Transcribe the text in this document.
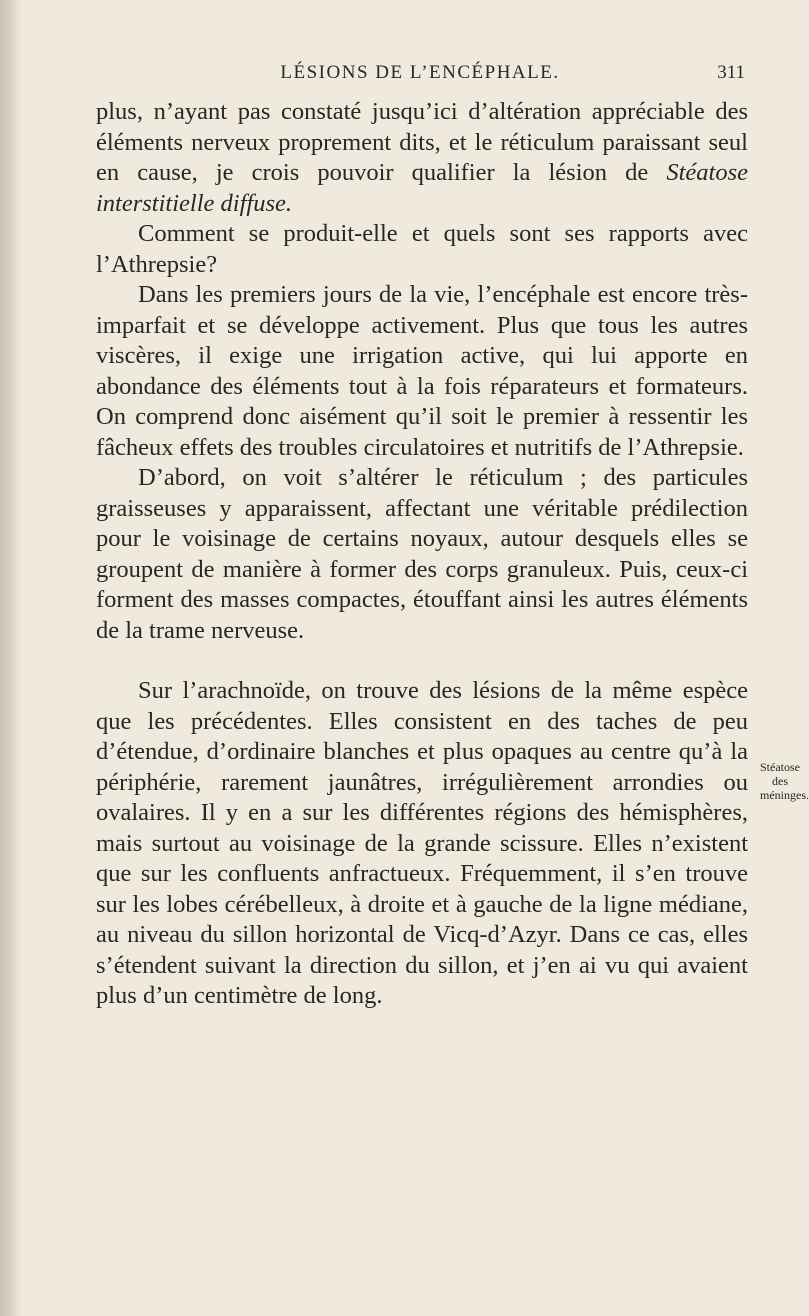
LÉSIONS DE L’ENCÉPHALE.	311

plus, n’ayant pas constaté jusqu’ici d’altération appréciable des éléments nerveux proprement dits, et le réticulum paraissant seul en cause, je crois pouvoir qualifier la lésion de Stéatose interstitielle diffuse.

Comment se produit-elle et quels sont ses rapports avec l’Athrepsie?

Dans les premiers jours de la vie, l’encéphale est encore très-imparfait et se développe activement. Plus que tous les autres viscères, il exige une irrigation active, qui lui apporte en abondance des éléments tout à la fois réparateurs et formateurs. On comprend donc aisément qu’il soit le premier à ressentir les fâcheux effets des troubles circulatoires et nutritifs de l’Athrepsie.

D’abord, on voit s’altérer le réticulum ; des particules graisseuses y apparaissent, affectant une véritable prédilection pour le voisinage de certains noyaux, autour desquels elles se groupent de manière à former des corps granuleux. Puis, ceux-ci forment des masses compactes, étouffant ainsi les autres éléments de la trame nerveuse.

Sur l’arachnoïde, on trouve des lésions de la même espèce que les précédentes. Elles consistent en des taches de peu d’étendue, d’ordinaire blanches et plus opaques au centre qu’à la périphérie, rarement jaunâtres, irrégulièrement arrondies ou ovalaires. Il y en a sur les différentes régions des hémisphères, mais surtout au voisinage de la grande scissure. Elles n’existent que sur les confluents anfractueux. Fréquemment, il s’en trouve sur les lobes cérébelleux, à droite et à gauche de la ligne médiane, au niveau du sillon horizontal de Vicq-d’Azyr. Dans ce cas, elles s’étendent suivant la direction du sillon, et j’en ai vu qui avaient plus d’un centimètre de long.

Stéatose des
méninges.
